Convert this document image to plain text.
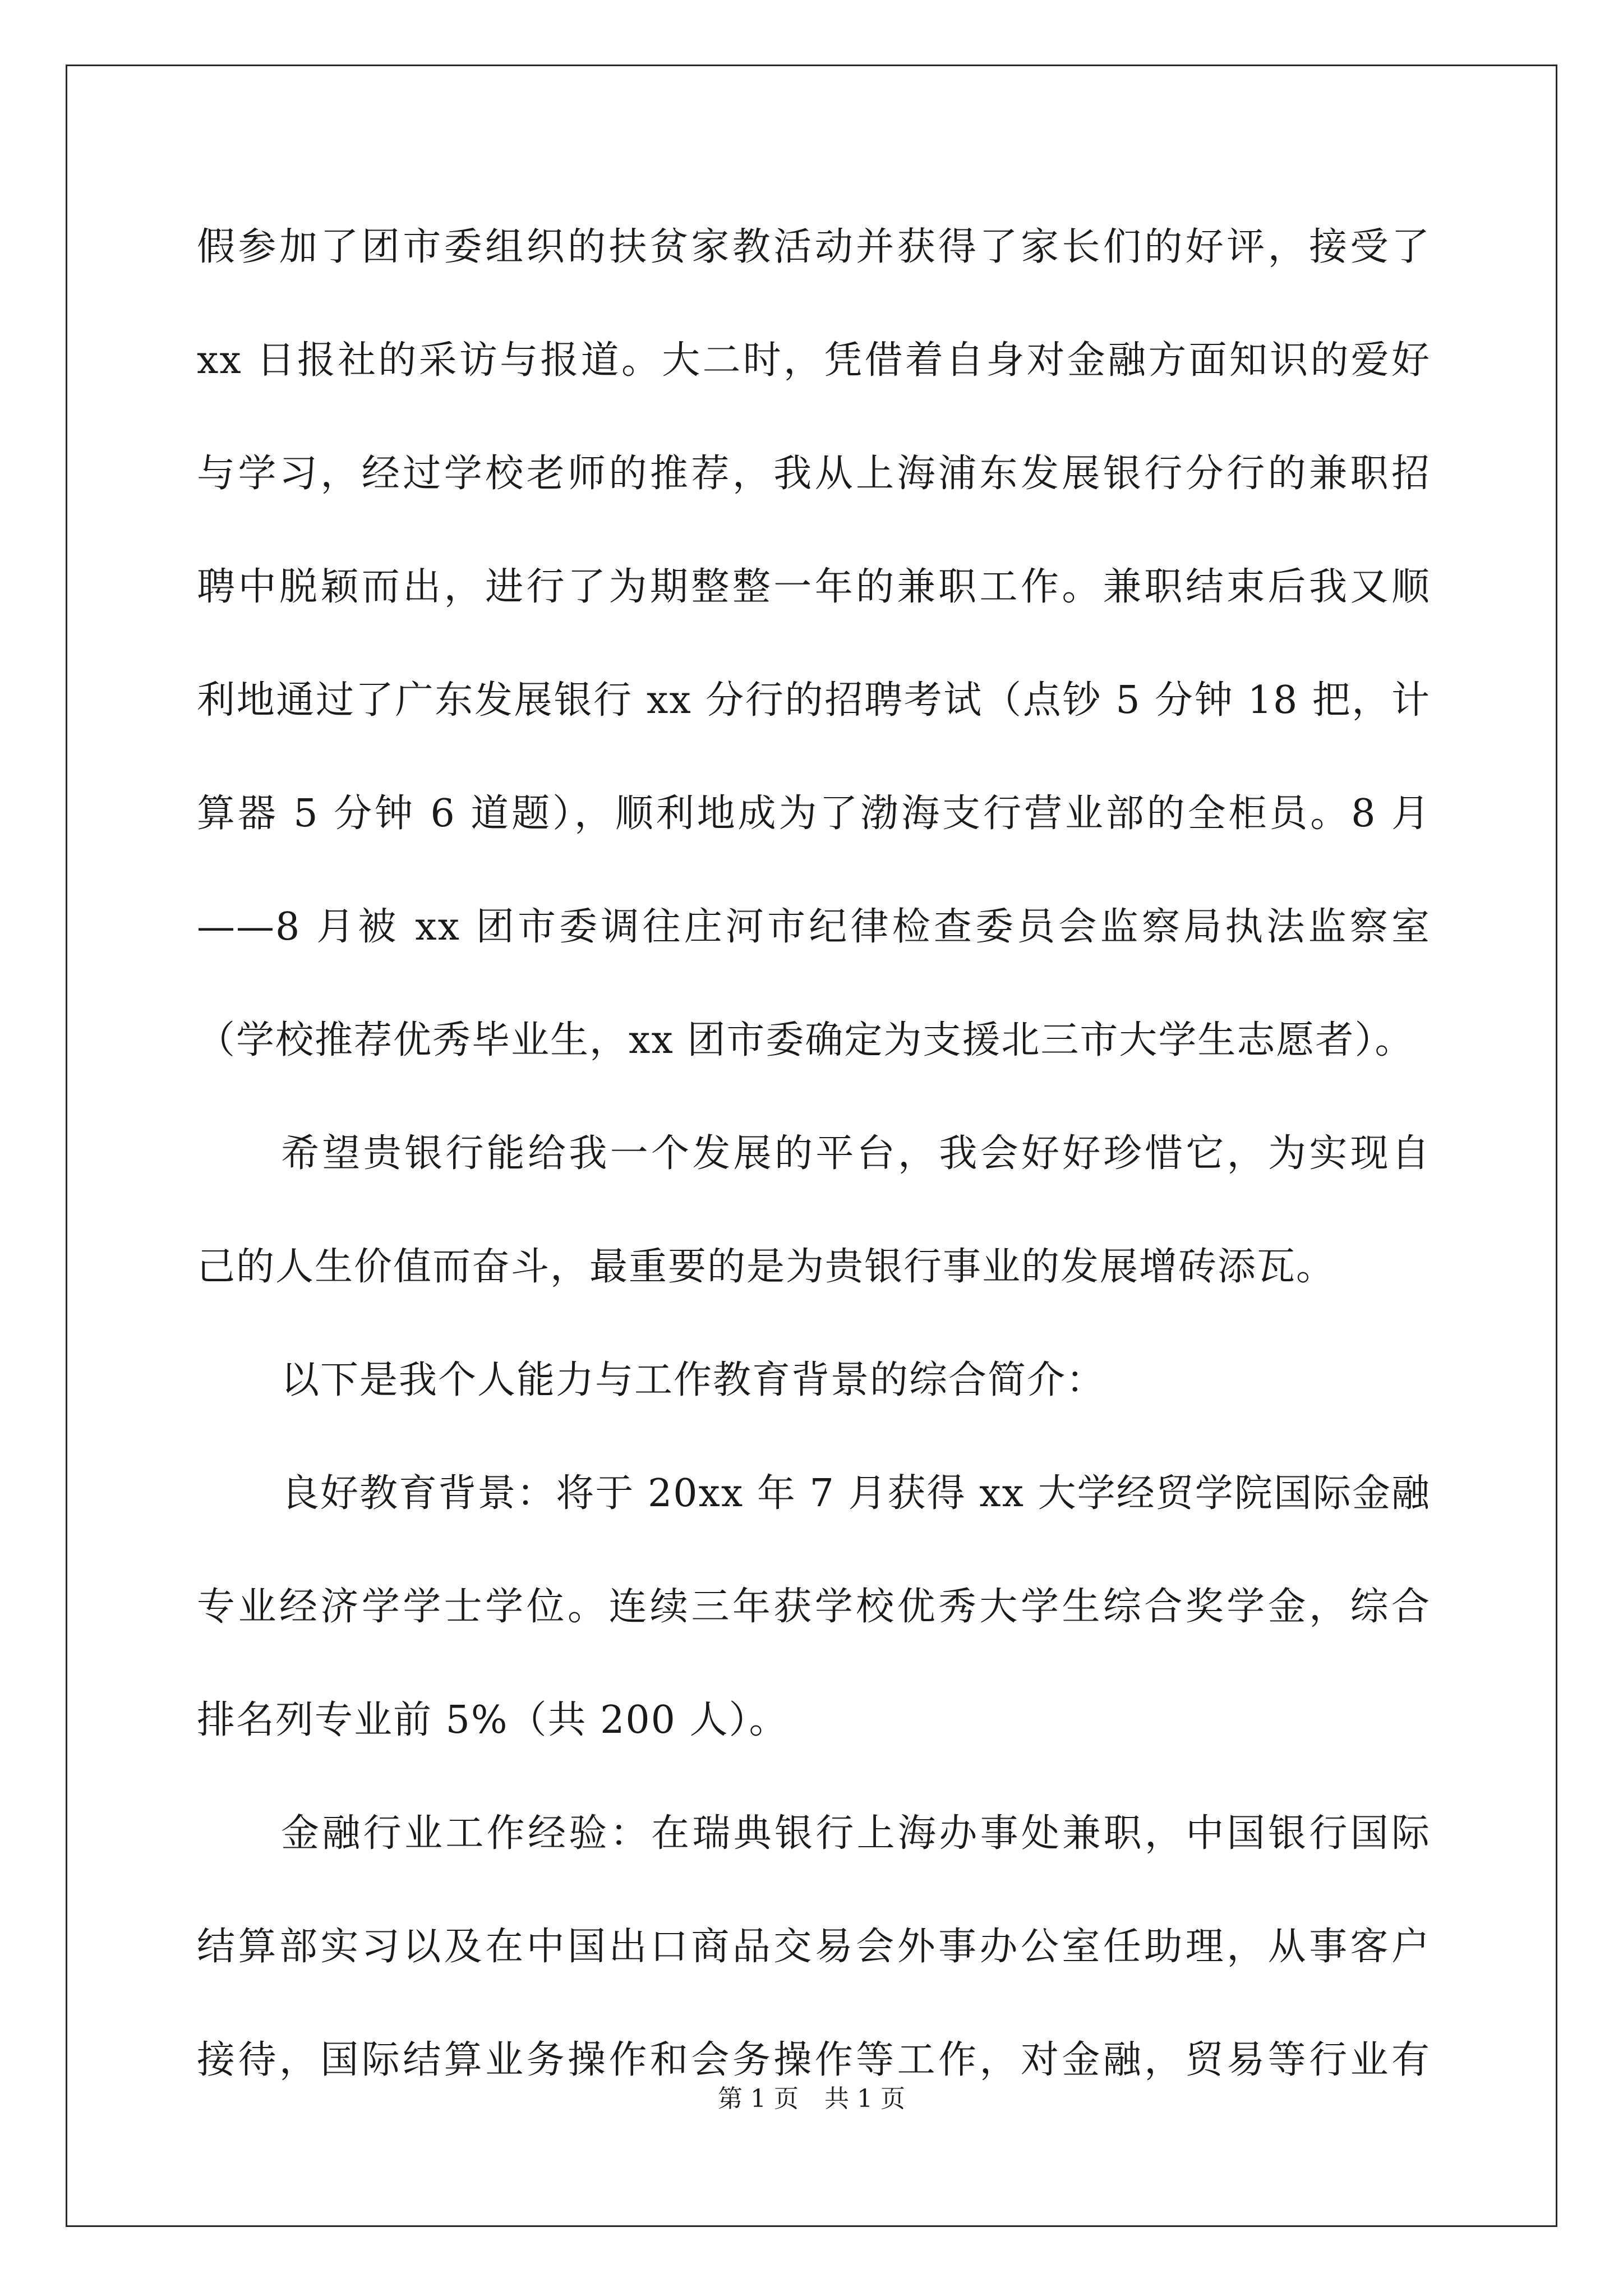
假参加了团市委组织的扶贫家教活动并获得了家长们的好评，接受了
xx 日报社的采访与报道。大二时，凭借着自身对金融方面知识的爱好
与学习，经过学校老师的推荐，我从上海浦东发展银行分行的兼职招
聘中脱颖而出，进行了为期整整一年的兼职工作。兼职结束后我又顺
利地通过了广东发展银行 xx 分行的招聘考试（点钞 5 分钟 18 把，计
算器 5 分钟 6 道题），顺利地成为了渤海支行营业部的全柜员。8 月
——8 月被 xx 团市委调往庄河市纪律检查委员会监察局执法监察室
（学校推荐优秀毕业生，xx 团市委确定为支援北三市大学生志愿者）。
希望贵银行能给我一个发展的平台，我会好好珍惜它，为实现自
己的人生价值而奋斗，最重要的是为贵银行事业的发展增砖添瓦。
以下是我个人能力与工作教育背景的综合简介：
良好教育背景：将于 20xx 年 7 月获得 xx 大学经贸学院国际金融
专业经济学学士学位。连续三年获学校优秀大学生综合奖学金，综合
排名列专业前 5%（共 200 人）。
金融行业工作经验：在瑞典银行上海办事处兼职，中国银行国际
结算部实习以及在中国出口商品交易会外事办公室任助理，从事客户
接待，国际结算业务操作和会务操作等工作，对金融，贸易等行业有
第 1 页 共 1 页
